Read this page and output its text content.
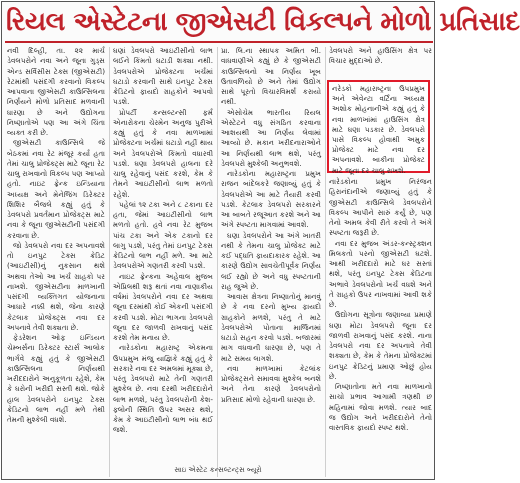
રિયલ એસ્ટેટના જીએસટી વિકલ્પને મોળો પ્રતિસાદ

નવી દિલ્હી, તા. ૨૨ માર્ચ ડેવલપરોને નવા અને જૂના ગુડ્સ એન્ડ સર્વિસીસ ટેક્સ (જીએસટી) રેટમાંથી પસંદગી કરવાનો વિકલ્પ આપવાના જીએસટી કાઉન્સિલના નિર્ણયને મોળો પ્રતિસાદ મળવાની ધારણા છે અને ઉદ્યોગના નિષ્ણાતોએ પણ આ અંગે ચિંતા વ્યક્ત કરી છે.

જીએસટી કાઉન્સિલે જે બેઠકમાં નવા રેટ મંજૂર કર્યા હતા તેમાં ચાલુ પ્રોજેક્ટ્સ માટે જૂના રેટ ચાલુ રાખવાનો વિકલ્પ પણ આપ્યો હતો. નાઇટ ફ્રેન્ક ઇન્ડિયાના અધ્યક્ષ અને મેનેજિંગ ડિરેક્ટર શિશિર બૈજલે કહ્યું હતું કે ડેવલપરો પ્રવર્તમાન પ્રોજેક્ટ્સ માટે નવા કે જૂના જીએસટીની પસંદગી કરવાના છે.

જો ડેવલપરો નવા દર અપનાવશે તો ઇનપુટ ટેક્સ ક્રેડિટ (આઇટીસી)નું નુકસાન થશે અથવા તેઓ આ ખર્ચ ગ્રાહકો પર નાખશે. જીએસટીના માળખાની પસંદગી વ્યક્તિગત યોજનાના આધારે નક્કી થશે, જેના કારણે કેટલાક પ્રોજેક્ટ્સ નવા દર અપનાવે તેવી શક્યતા છે.

ફેડરેશન ઓફ ઇન્ડિયન ચેમ્બર્સના ડિરેક્ટર સ્ટાર્સ આલોક ભાર્ગવે કહ્યું હતું કે જીએસટી કાઉન્સિલના નિર્ણયથી ખરીદદારોને અનુકૂળતા રહેશે, કેમ કે ઘરોની ખરીદી સસ્તી થશે. જોકે હાલ ડેવલપરોને ઇનપુટ ટેક્સ ક્રેડિટનો લાભ નહીં મળે તેથી તેમની મુશ્કેલી વધશે.

ઘણાં ડેવલપરો આઇટીસીનો લાભ લઈને કિંમતો ઘટાડી શક્યા નથી. ડેવલપરોએ પ્રોજેક્ટના ખર્ચમાં ઘટાડો કરવાની સાથે ઇનપુટ ટેક્સ ક્રેડિટનો ફાયદો ગ્રાહકોને આપવો પડશે.

પ્રોપર્ટી કન્સલ્ટન્સી ફર્મ એનારોકના ચેરમેન અનુજ પુરીએ કહ્યું હતું કે નવા માળખામાં પ્રોજેક્ટના ખર્ચમાં ઘટાડો નહીં થાય અને ડેવલપરોએ કિંમતો વધારવી પડશે. ઘણા ડેવલપરો હાલના દરે ચાલુ રહેવાનું પસંદ કરશે, કેમ કે તેમને આઇટીસીનો લાભ મળતો રહેશે.

પહેલાં ૧૨ ટકા અને ૮ ટકાના દર હતા, જેમાં આઇટીસીનો લાભ મળતો હતો. હવે નવા રેટ મુજબ પાંચ ટકા અને એક ટકાનો દર લાગુ પડશે, પરંતુ તેમાં ઇનપુટ ટેક્સ ક્રેડિટનો લાભ નહીં મળે. આ માટે ડેવલપરોએ ગણતરી કરવી પડશે.

નાઇટ ફ્રેન્કના અહેવાલ મુજબ એપ્રિલથી શરૂ થતાં નવા નાણાકીય વર્ષમાં ડેવલપરોને નવા દર અથવા જૂના દરમાંથી કોઈ એકની પસંદગી કરવી પડશે. મોટા ભાગના ડેવલપરો જૂના દર જાળવી રાખવાનું પસંદ કરશે તેમ મનાય છે.

નારેડકોના મહારાષ્ટ્ર એકમના ઉપપ્રમુખ મંજુ યાજ્ઞિકે કહ્યું હતું કે સરકારે નવા દર અમલમાં મૂક્યા છે, પરંતુ ડેવલપરો માટે તેની ગણતરી મુશ્કેલ છે. નવા દરથી ખરીદદારોને લાભ મળશે, પરંતુ ડેવલપરોની કેશ-ફ્લોની સ્થિતિ ઉપર અસર થશે, કેમ કે આઇટીસીનો લાભ બંધ થઈ જશે.

પ્રા. લિ.ના સ્થાપક અમિત બી. વાધવાણીએ કહ્યું છે કે જીએસટી કાઉન્સિલનો આ નિર્ણય ખૂબ ઉતાવળિયો છે અને તેમાં ઉદ્યોગ સાથે પૂરતો વિચારવિમર્શ કરાયો નથી.

એસોચેમ ભારતીય રિયલ એસ્ટેટને વધુ સંગઠિત કરવાના આશયથી આ નિર્ણય લેવામાં આવ્યો છે. મકાન ખરીદનારાઓને આ નિર્ણયથી લાભ થશે, પરંતુ ડેવલપરો મુશ્કેલી અનુભવશે.

નારેડકોના મહારાષ્ટ્રના પ્રમુખ રાજન બાંદેલકરે જણાવ્યું હતું કે ડેવલપરોએ આ માટે તૈયારી કરવી પડશે. કેટલાક ડેવલપરો સરકારને આ બાબતે રજૂઆત કરશે અને આ અંગે સ્પષ્ટતા માગવામાં આવશે.

ઘણા ડેવલપરોને આ અંગે ખાતરી નથી કે તેમના ચાલુ પ્રોજેક્ટ માટે કઈ પદ્ધતિ ફાયદાકારક રહેશે. આ કારણે ઉદ્યોગ સાવચેતીપૂર્વક નિર્ણય લઈ રહ્યો છે અને વધુ સ્પષ્ટતાની રાહ જુએ છે.

આવાસ ક્ષેત્રના નિષ્ણાતોનું માનવું છે કે નવા દરનો મુખ્ય ફાયદો ગ્રાહકોને મળશે, પરંતુ તે માટે ડેવલપરોએ પોતાના માર્જિનમાં ઘટાડો સહન કરવો પડશે. બજારમાં માગ વધવાની ધારણા છે, પણ તે માટે સમય લાગશે.

નવા માળખામાં કેટલાંક પ્રોજેક્ટ્સને સમાવવા મુશ્કેલ બનશે અને તેના કારણે ડેવલપરોનો પ્રતિસાદ મોળો રહેવાની ધારણા છે.

ડેવલપરો અને હાઉસિંગ ક્ષેત્ર પર વિચાર મુદ્દાઓ છે.

નરેડકો મહારાષ્ટ્રના ઉપપ્રમુખ અને એવેન્ટા વર્ટિના અધ્યક્ષ અશોક મોહનાનીએ કહ્યું હતું કે નવા માળખાંમાં હાઉસિંગ ક્ષેત્ર માટે ઘણા પડકાર છે. ડેવલપરો પાસે વિકલ્પ હોવાથી અમુક પ્રોજેક્ટ માટે નવા દર અપનાવશે. બાકીના પ્રોજેક્ટ માટે જૂના દર ચાલુ રાખશે.

નારેડકોના પ્રમુખ નિરંજન હિરાનંદાનીએ જણાવ્યું હતું કે જીએસટી કાઉન્સિલે ડેવલપરોને વિકલ્પ આપીને સારું કર્યું છે, પણ તેનો અમલ કેવી રીતે કરવો તે અંગે સ્પષ્ટતા જરૂરી છે.

નવા દર મુજબ અંડર-કન્સ્ટ્રક્શન મિલકતો પરનો જીએસટી ઘટશે. આથી ખરીદદારો માટે ઘર સસ્તાં થશે, પરંતુ ઇનપુટ ટેક્સ ક્રેડિટના અભાવે ડેવલપરોનો ખર્ચ વધશે અને તે ગ્રાહકો ઉપર નાખવામાં આવી શકે છે.

ઉદ્યોગના સૂત્રોના જણાવ્યા પ્રમાણે ઘણા મોટા ડેવલપરો જૂના દર જાળવી રાખવાનું પસંદ કરશે. નાના ડેવલપરો નવા દર અપનાવે તેવી શક્યતા છે, કેમ કે તેમના પ્રોજેક્ટમાં ઇનપુટ ક્રેડિટનું પ્રમાણ ઓછું હોય છે.

નિષ્ણાતોના મતે નવા માળખાનો સાચો પ્રભાવ આગામી ત્રણથી છ મહિનામાં જોવા મળશે. ત્યાર બાદ જ ઉદ્યોગ અને ખરીદદારોને તેનો વાસ્તવિક ફાયદો સ્પષ્ટ થશે.

સાઇ એસ્ટેટ કન્સલ્ટન્ટ્સ બ્યૂરો
